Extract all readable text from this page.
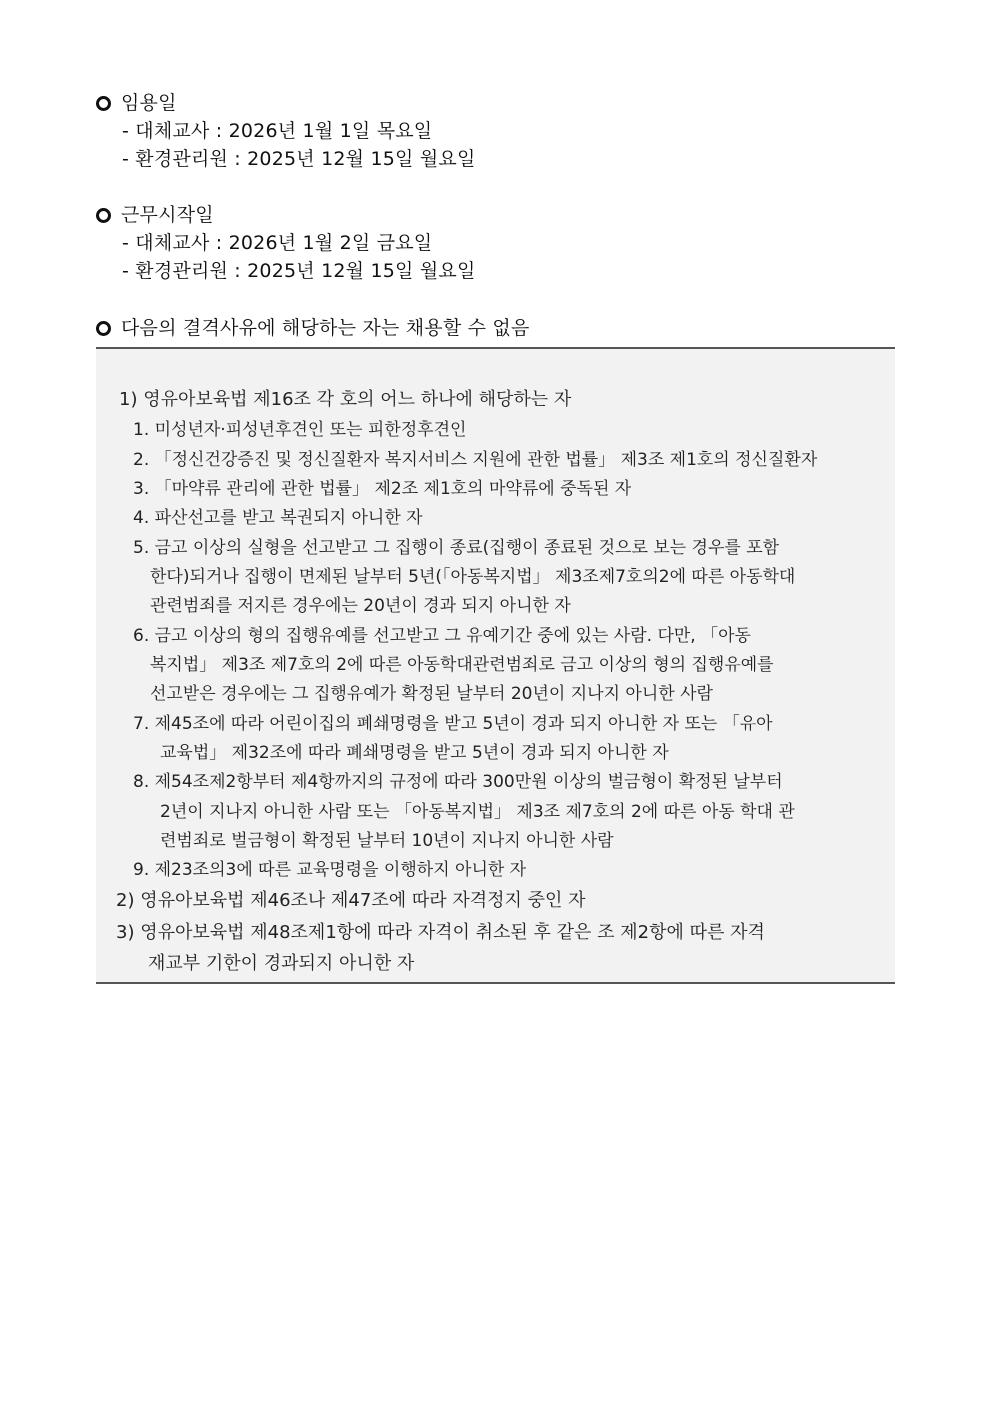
임용일
- 대체교사 : 2026년 1월 1일 목요일
- 환경관리원 : 2025년 12월 15일 월요일
근무시작일
- 대체교사 : 2026년 1월 2일 금요일
- 환경관리원 : 2025년 12월 15일 월요일
다음의 결격사유에 해당하는 자는 채용할 수 없음
1) 영유아보육법 제16조 각 호의 어느 하나에 해당하는 자
1. 미성년자·피성년후견인 또는 피한정후견인
2. 「정신건강증진 및 정신질환자 복지서비스 지원에 관한 법률」 제3조 제1호의 정신질환자
3. 「마약류 관리에 관한 법률」 제2조 제1호의 마약류에 중독된 자
4. 파산선고를 받고 복권되지 아니한 자
5. 금고 이상의 실형을 선고받고 그 집행이 종료(집행이 종료된 것으로 보는 경우를 포함
한다)되거나 집행이 면제된 날부터 5년(「아동복지법」 제3조제7호의2에 따른 아동학대
관련범죄를 저지른 경우에는 20년이 경과 되지 아니한 자
6. 금고 이상의 형의 집행유예를 선고받고 그 유예기간 중에 있는 사람. 다만, 「아동
복지법」 제3조 제7호의 2에 따른 아동학대관련범죄로 금고 이상의 형의 집행유예를
선고받은 경우에는 그 집행유예가 확정된 날부터 20년이 지나지 아니한 사람
7. 제45조에 따라 어린이집의 폐쇄명령을 받고 5년이 경과 되지 아니한 자 또는 「유아
교육법」 제32조에 따라 폐쇄명령을 받고 5년이 경과 되지 아니한 자
8. 제54조제2항부터 제4항까지의 규정에 따라 300만원 이상의 벌금형이 확정된 날부터
2년이 지나지 아니한 사람 또는 「아동복지법」 제3조 제7호의 2에 따른 아동 학대 관
련범죄로 벌금형이 확정된 날부터 10년이 지나지 아니한 사람
9. 제23조의3에 따른 교육명령을 이행하지 아니한 자
2) 영유아보육법 제46조나 제47조에 따라 자격정지 중인 자
3) 영유아보육법 제48조제1항에 따라 자격이 취소된 후 같은 조 제2항에 따른 자격
재교부 기한이 경과되지 아니한 자
